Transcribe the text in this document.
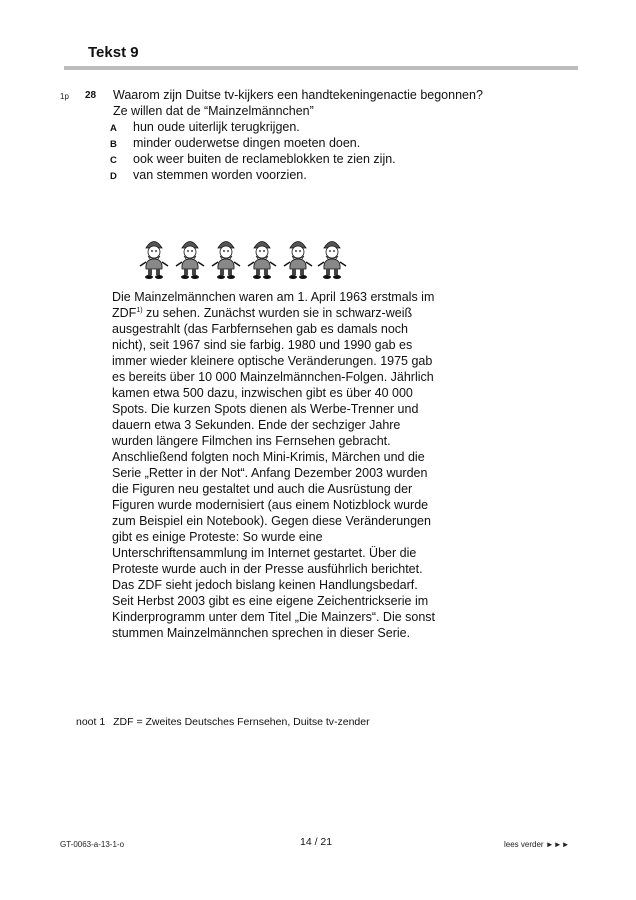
Tekst 9
1p 28 Waarom zijn Duitse tv-kijkers een handtekeningenactie begonnen?
Ze willen dat de “Mainzelmännchen”
A	hun oude uiterlijk terugkrijgen.
B	minder ouderwetse dingen moeten doen.
C	ook weer buiten de reclameblokken te zien zijn.
D	van stemmen worden voorzien.

Die Mainzelmännchen waren am 1. April 1963 erstmals im ZDF$^{1)}$ zu sehen. Zunächst wurden sie in schwarz-weiß ausgestrahlt (das Farbfernsehen gab es damals noch nicht), seit 1967 sind sie farbig. 1980 und 1990 gab es immer wieder kleinere optische Veränderungen. 1975 gab es bereits über 10 000 Mainzelmännchen-Folgen. Jährlich kamen etwa 500 dazu, inzwischen gibt es über 40 000 Spots. Die kurzen Spots dienen als Werbe-Trenner und dauern etwa 3 Sekunden. Ende der sechziger Jahre wurden längere Filmchen ins Fernsehen gebracht. Anschließend folgten noch Mini-Krimis, Märchen und die Serie „Retter in der Not“. Anfang Dezember 2003 wurden die Figuren neu gestaltet und auch die Ausrüstung der Figuren wurde modernisiert (aus einem Notizblock wurde zum Beispiel ein Notebook). Gegen diese Veränderungen gibt es einige Proteste: So wurde eine Unterschriftensammlung im Internet gestartet. Über die Proteste wurde auch in der Presse ausführlich berichtet. Das ZDF sieht jedoch bislang keinen Handlungsbedarf. Seit Herbst 2003 gibt es eine eigene Zeichentrickserie im Kinderprogramm unter dem Titel „Die Mainzers“. Die sonst stummen Mainzelmännchen sprechen in dieser Serie.

noot 1 ZDF = Zweites Deutsches Fernsehen, Duitse tv-zender
GT-0063-a-13-1-o	14 / 21	lees verder ►►►
